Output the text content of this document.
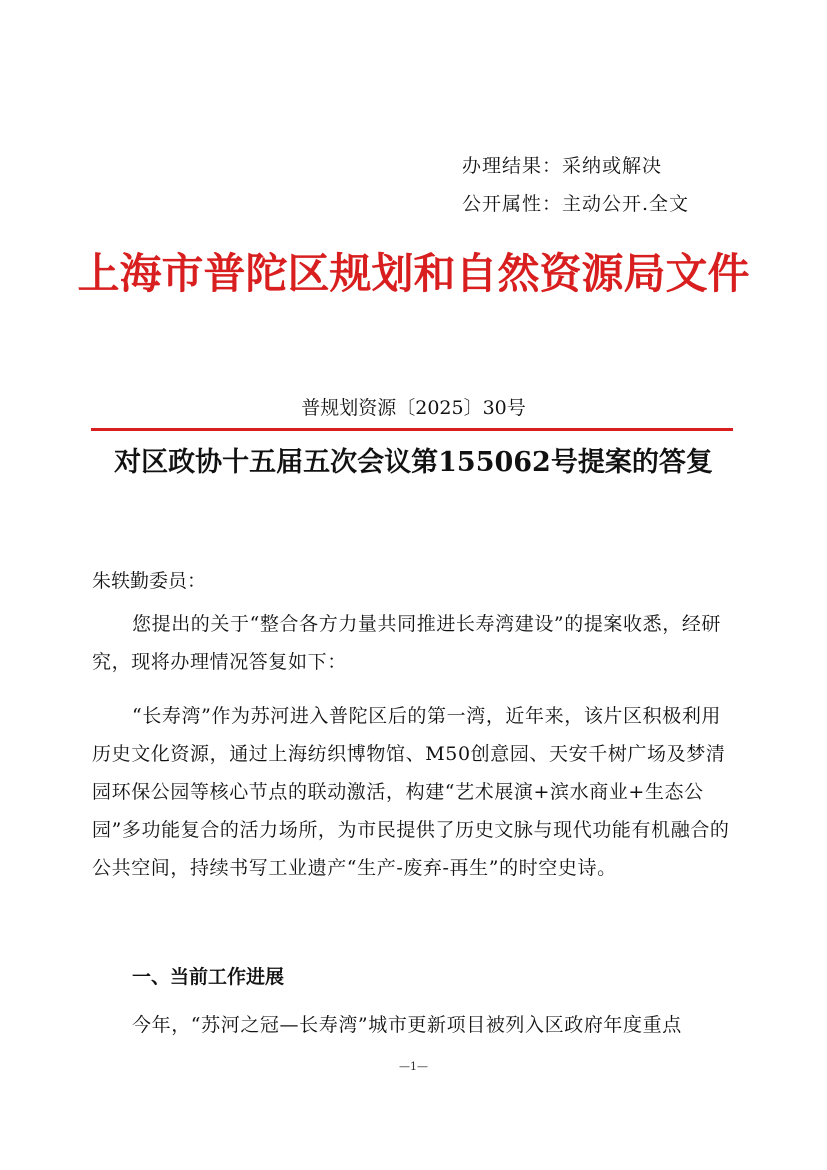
办理结果：采纳或解决
公开属性：主动公开.全文
上海市普陀区规划和自然资源局文件
普规划资源〔2025〕30号
对区政协十五届五次会议第155062号提案的答复
朱轶勤委员：
您提出的关于“整合各方力量共同推进长寿湾建设”的提案收悉，经研究，现将办理情况答复如下：
“长寿湾”作为苏河进入普陀区后的第一湾，近年来，该片区积极利用历史文化资源，通过上海纺织博物馆、M50创意园、天安千树广场及梦清园环保公园等核心节点的联动激活，构建“艺术展演+滨水商业+生态公园”多功能复合的活力场所，为市民提供了历史文脉与现代功能有机融合的公共空间，持续书写工业遗产“生产-废弃-再生”的时空史诗。
一、当前工作进展
今年，“苏河之冠—长寿湾”城市更新项目被列入区政府年度重点
—1—
